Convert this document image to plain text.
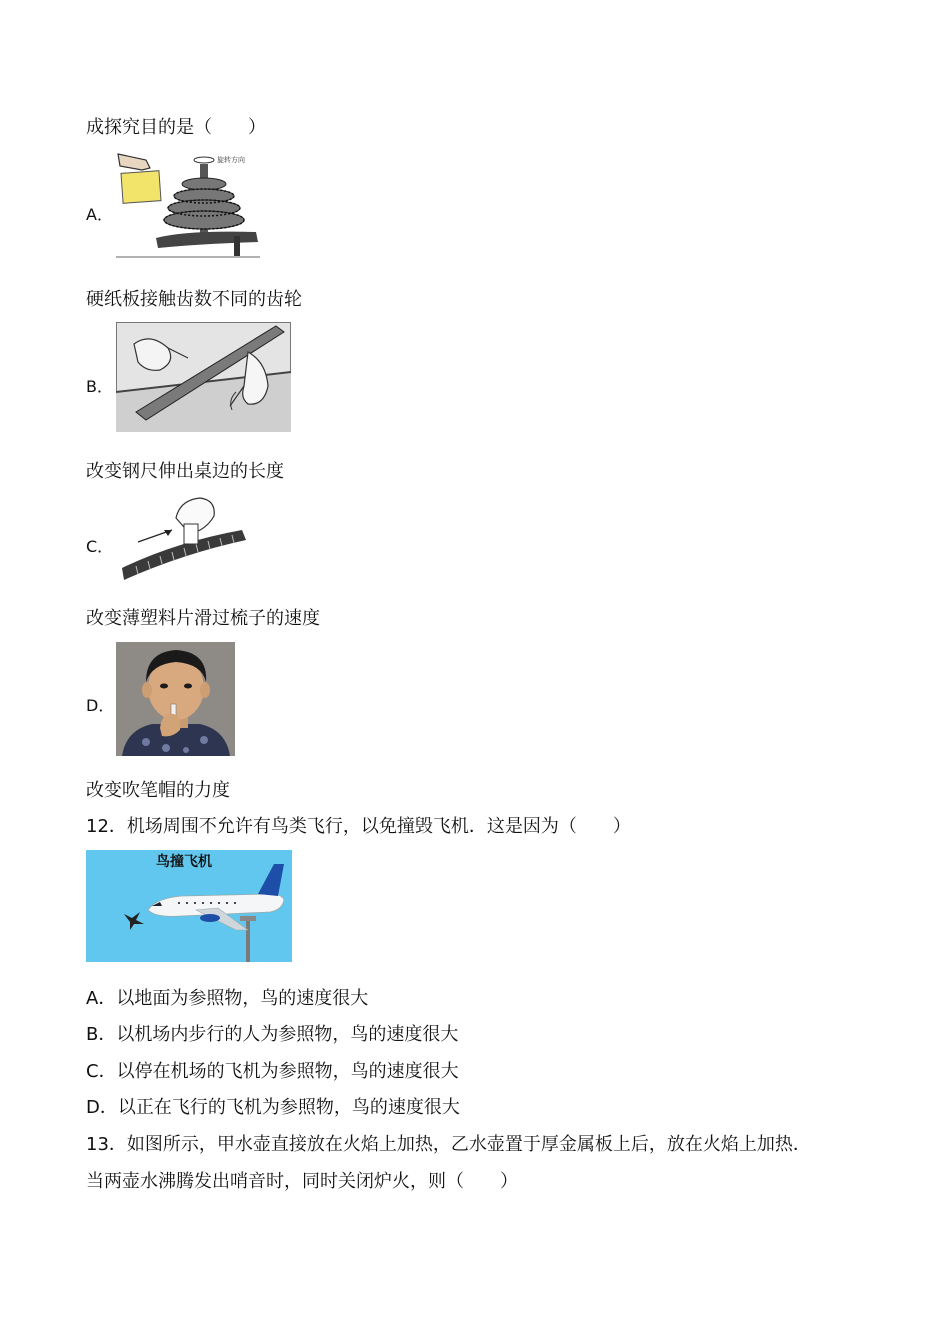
成探究目的是（　　）
A．
旋转方向
硬纸板接触齿数不同的齿轮
B．
改变钢尺伸出桌边的长度
C．
改变薄塑料片滑过梳子的速度
D．
改变吹笔帽的力度
12．机场周围不允许有鸟类飞行，以免撞毁飞机．这是因为（　　）
鸟撞飞机
A．以地面为参照物，鸟的速度很大
B．以机场内步行的人为参照物，鸟的速度很大
C．以停在机场的飞机为参照物，鸟的速度很大
D．以正在飞行的飞机为参照物，鸟的速度很大
13．如图所示，甲水壶直接放在火焰上加热，乙水壶置于厚金属板上后，放在火焰上加热．
当两壶水沸腾发出哨音时，同时关闭炉火，则（　　）
